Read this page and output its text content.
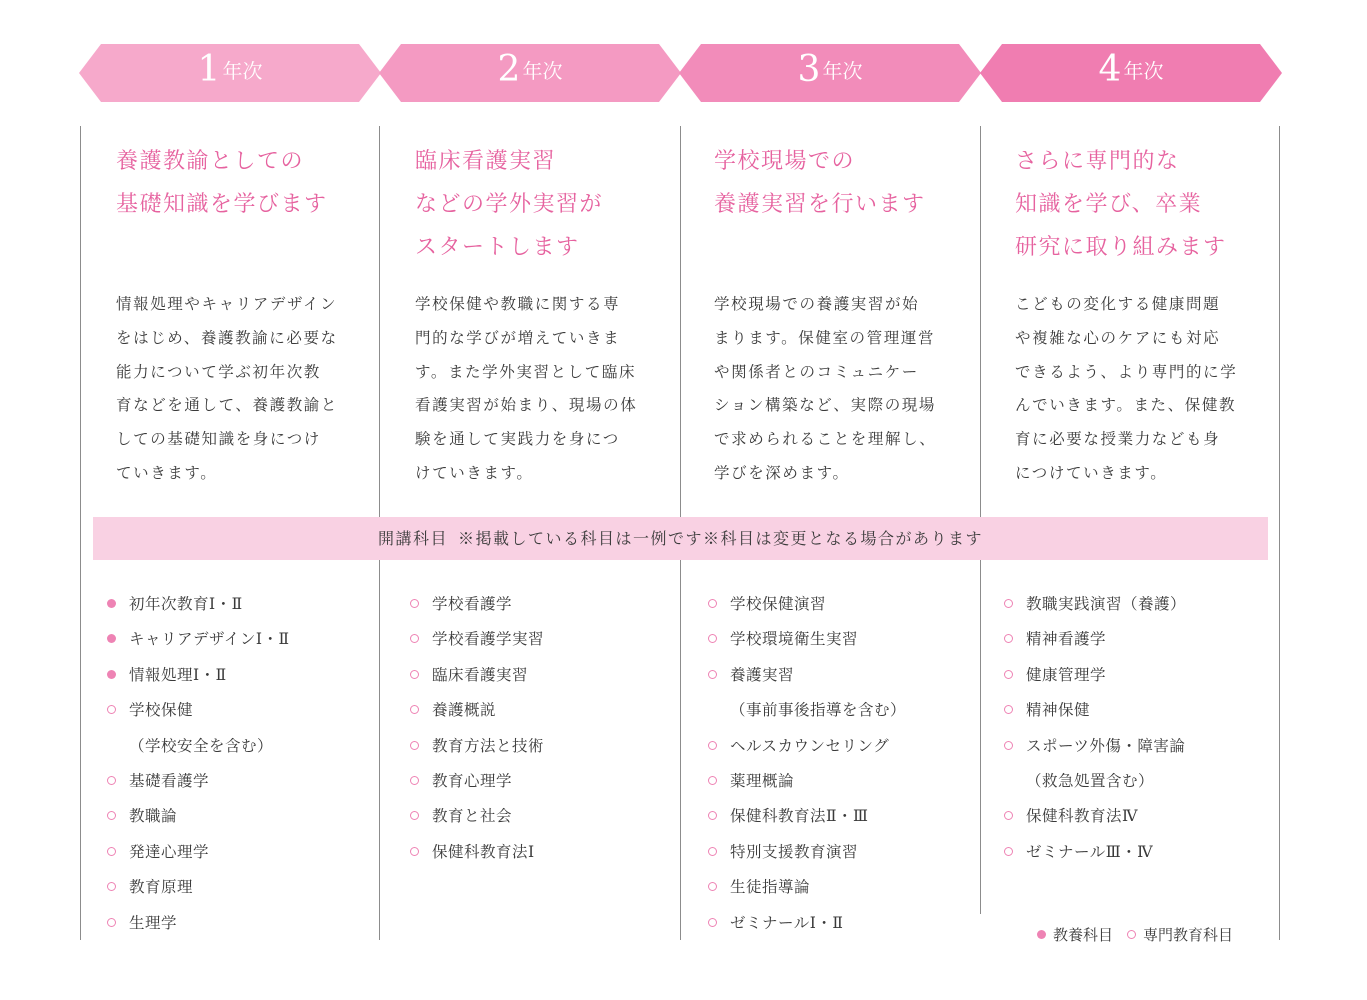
1 年次	2 年次	3 年次	4 年次
養護教諭としての
基礎知識を学びます
臨床看護実習
などの学外実習が
スタートします
学校現場での
養護実習を行います
さらに専門的な
知識を学び、卒業
研究に取り組みます
情報処理やキャリアデザイン
をはじめ、養護教諭に必要な
能力について学ぶ初年次教
育などを通して、養護教諭と
しての基礎知識を身につけ
ていきます。
学校保健や教職に関する専
門的な学びが増えていきま
す。また学外実習として臨床
看護実習が始まり、現場の体
験を通して実践力を身につ
けていきます。
学校現場での養護実習が始
まります。保健室の管理運営
や関係者とのコミュニケー
ション構築など、実際の現場
で求められることを理解し、
学びを深めます。
こどもの変化する健康問題
や複雑な心のケアにも対応
できるよう、より専門的に学
んでいきます。また、保健教
育に必要な授業力なども身
につけていきます。
開講科目 ※掲載している科目は一例です※科目は変更となる場合があります
初年次教育Ⅰ・Ⅱ
キャリアデザインⅠ・Ⅱ
情報処理Ⅰ・Ⅱ
学校保健
（学校安全を含む）
基礎看護学
教職論
発達心理学
教育原理
生理学
学校看護学
学校看護学実習
臨床看護実習
養護概説
教育方法と技術
教育心理学
教育と社会
保健科教育法Ⅰ
学校保健演習
学校環境衛生実習
養護実習
（事前事後指導を含む）
ヘルスカウンセリング
薬理概論
保健科教育法Ⅱ・Ⅲ
特別支援教育演習
生徒指導論
ゼミナールⅠ・Ⅱ
教職実践演習（養護）
精神看護学
健康管理学
精神保健
スポーツ外傷・障害論
（救急処置含む）
保健科教育法Ⅳ
ゼミナールⅢ・Ⅳ
教養科目 専門教育科目
